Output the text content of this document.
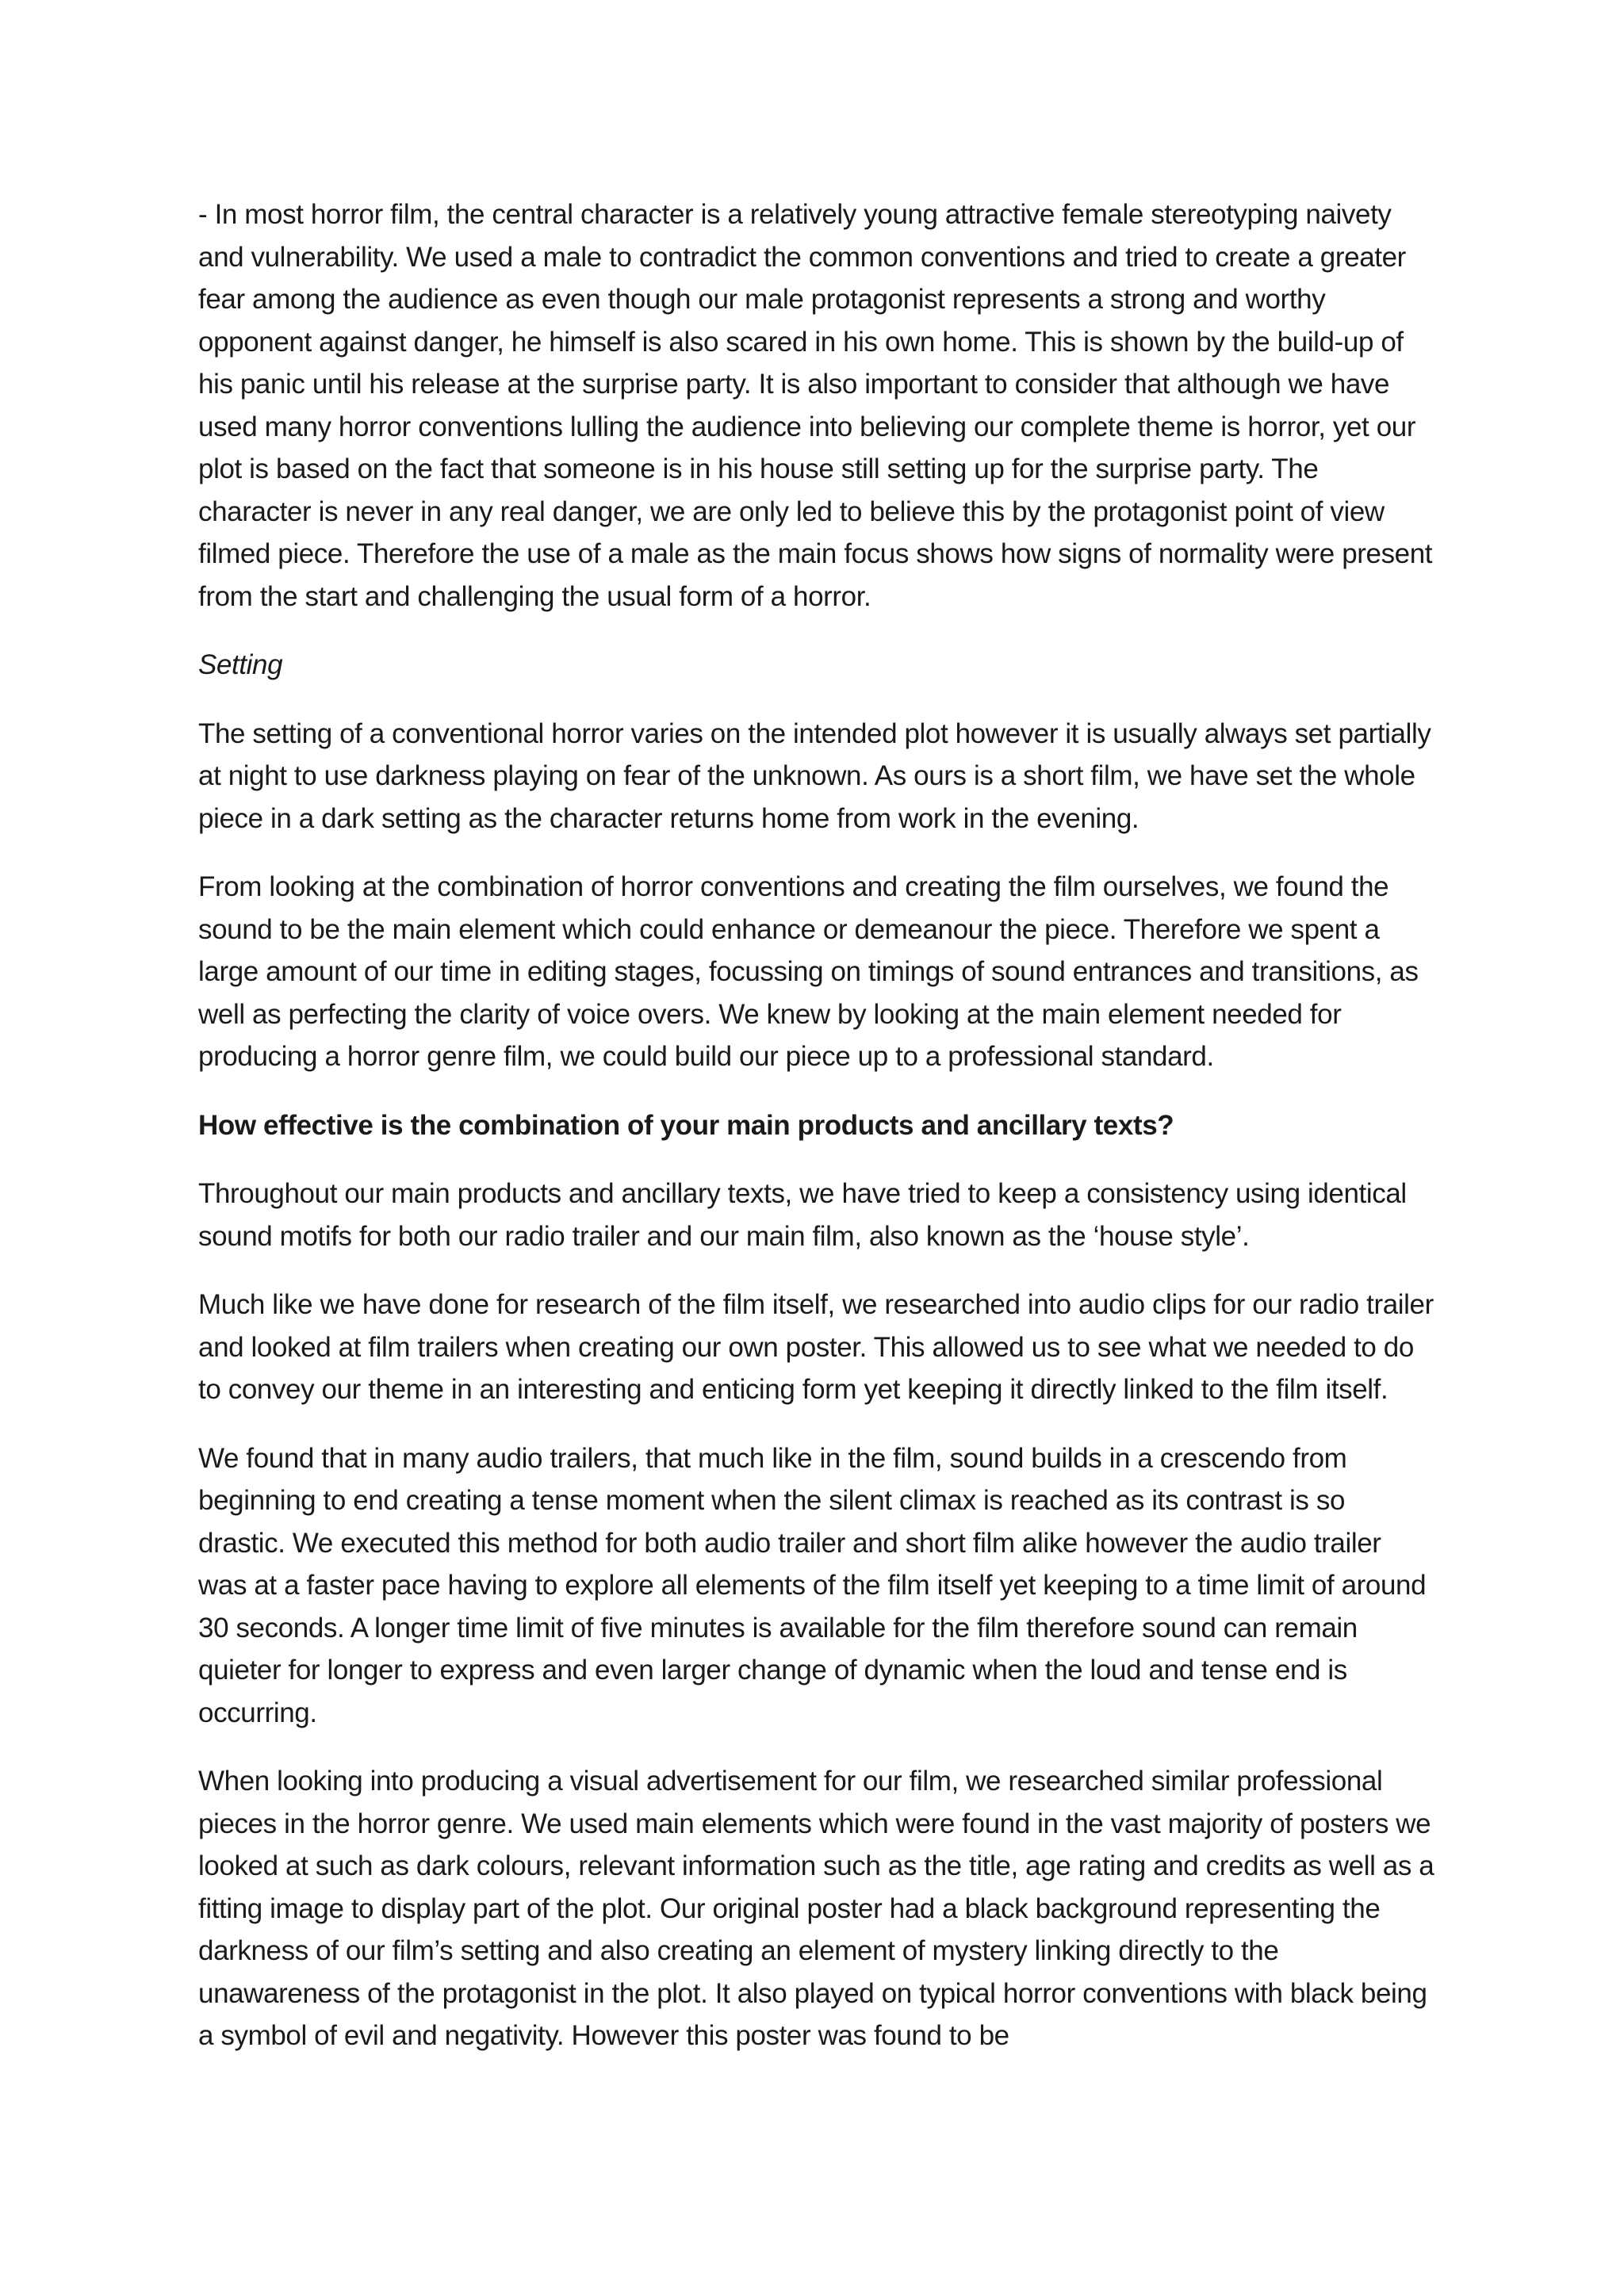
- In most horror film, the central character is a relatively young attractive female stereotyping naivety and vulnerability. We used a male to contradict the common conventions and tried to create a greater fear among the audience as even though our male protagonist represents a strong and worthy opponent against danger, he himself is also scared in his own home. This is shown by the build-up of his panic until his release at the surprise party. It is also important to consider that although we have used many horror conventions lulling the audience into believing our complete theme is horror, yet our plot is based on the fact that someone is in his house still setting up for the surprise party. The character is never in any real danger, we are only led to believe this by the protagonist point of view filmed piece. Therefore the use of a male as the main focus shows how signs of normality were present from the start and challenging the usual form of a horror.

Setting

The setting of a conventional horror varies on the intended plot however it is usually always set partially at night to use darkness playing on fear of the unknown. As ours is a short film, we have set the whole piece in a dark setting as the character returns home from work in the evening.

From looking at the combination of horror conventions and creating the film ourselves, we found the sound to be the main element which could enhance or demeanour the piece. Therefore we spent a large amount of our time in editing stages, focussing on timings of sound entrances and transitions, as well as perfecting the clarity of voice overs. We knew by looking at the main element needed for producing a horror genre film, we could build our piece up to a professional standard.

How effective is the combination of your main products and ancillary texts?

Throughout our main products and ancillary texts, we have tried to keep a consistency using identical sound motifs for both our radio trailer and our main film, also known as the ‘house style’.

Much like we have done for research of the film itself, we researched into audio clips for our radio trailer and looked at film trailers when creating our own poster. This allowed us to see what we needed to do to convey our theme in an interesting and enticing form yet keeping it directly linked to the film itself.

We found that in many audio trailers, that much like in the film, sound builds in a crescendo from beginning to end creating a tense moment when the silent climax is reached as its contrast is so drastic. We executed this method for both audio trailer and short film alike however the audio trailer was at a faster pace having to explore all elements of the film itself yet keeping to a time limit of around 30 seconds. A longer time limit of five minutes is available for the film therefore sound can remain quieter for longer to express and even larger change of dynamic when the loud and tense end is occurring.

When looking into producing a visual advertisement for our film, we researched similar professional pieces in the horror genre. We used main elements which were found in the vast majority of posters we looked at such as dark colours, relevant information such as the title, age rating and credits as well as a fitting image to display part of the plot. Our original poster had a black background representing the darkness of our film’s setting and also creating an element of mystery linking directly to the unawareness of the protagonist in the plot. It also played on typical horror conventions with black being a symbol of evil and negativity. However this poster was found to be
